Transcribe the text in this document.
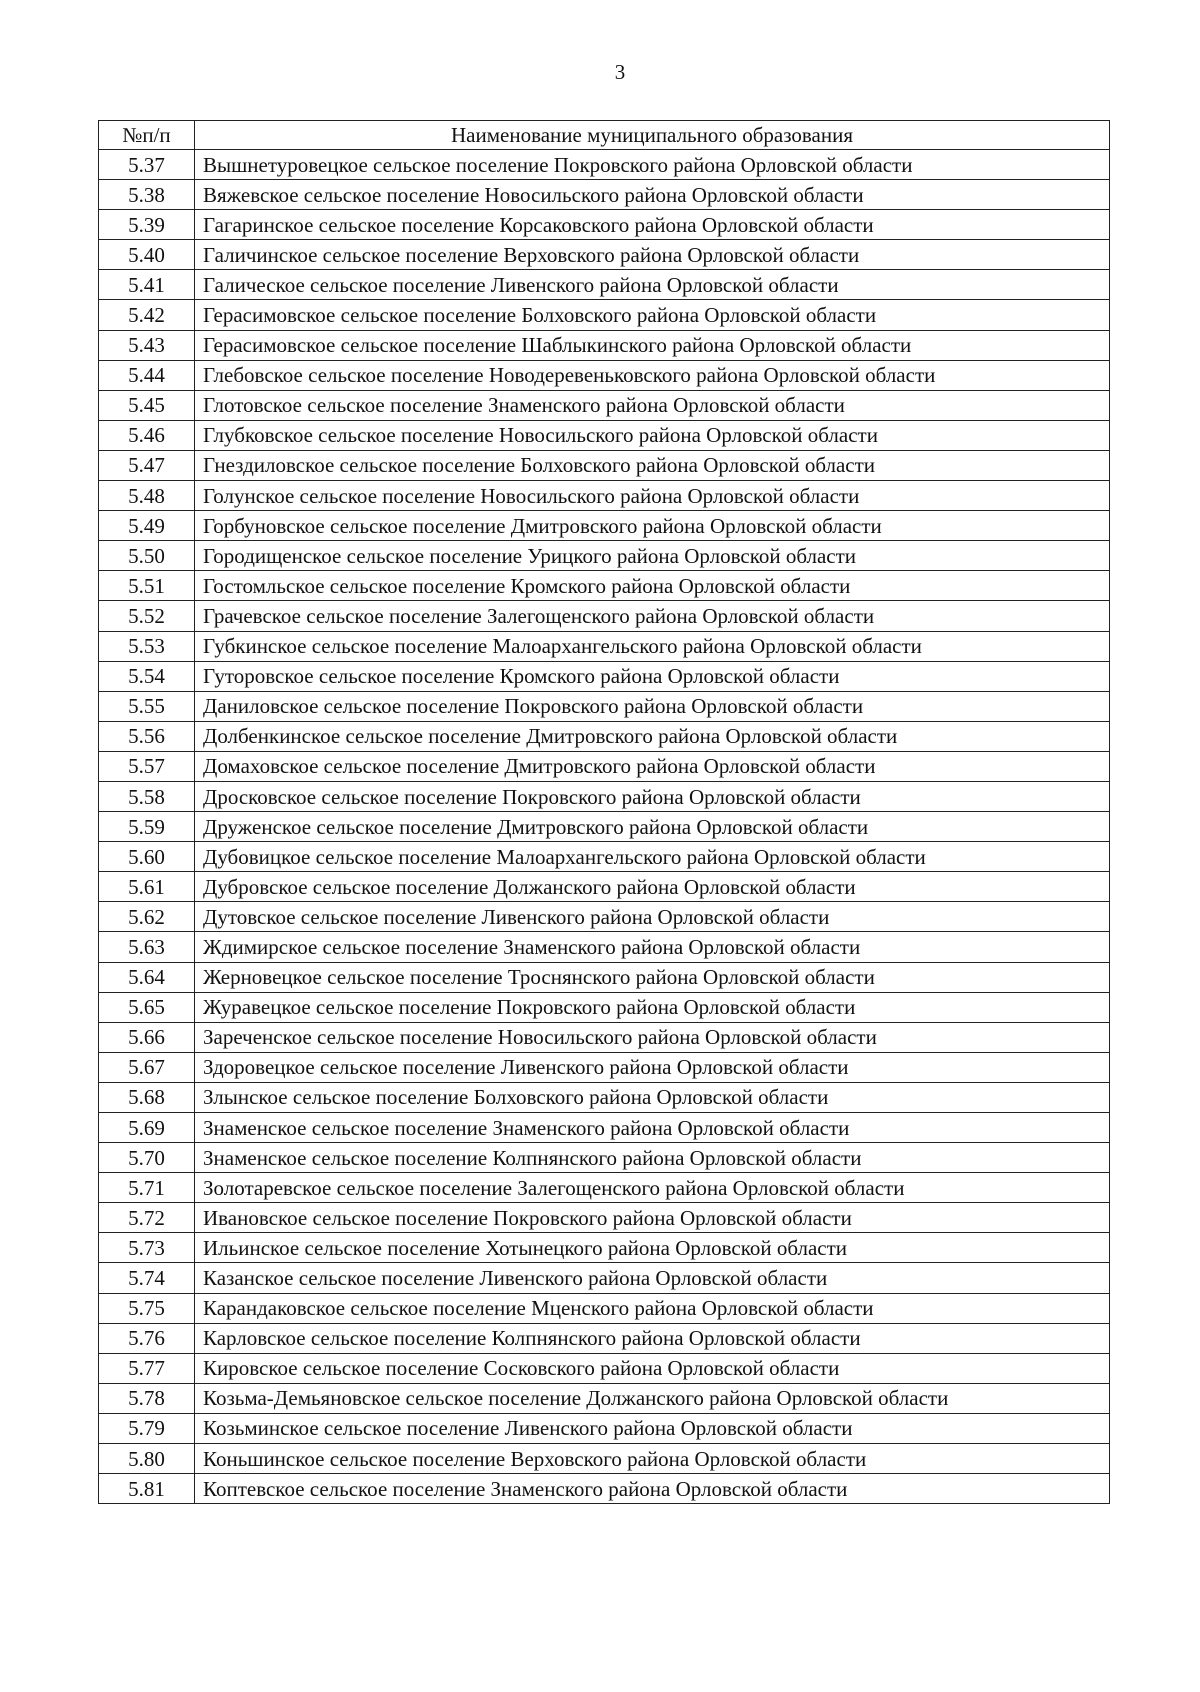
3
№п/п	Наименование муниципального образования
5.37	Вышнетуровецкое сельское поселение Покровского района Орловской области
5.38	Вяжевское сельское поселение Новосильского района Орловской области
5.39	Гагаринское сельское поселение Корсаковского района Орловской области
5.40	Галичинское сельское поселение Верховского района Орловской области
5.41	Галическое сельское поселение Ливенского района Орловской области
5.42	Герасимовское сельское поселение Болховского района Орловской области
5.43	Герасимовское сельское поселение Шаблыкинского района Орловской области
5.44	Глебовское сельское поселение Новодеревеньковского района Орловской области
5.45	Глотовское сельское поселение Знаменского района Орловской области
5.46	Глубковское сельское поселение Новосильского района Орловской области
5.47	Гнездиловское сельское поселение Болховского района Орловской области
5.48	Голунское сельское поселение Новосильского района Орловской области
5.49	Горбуновское сельское поселение Дмитровского района Орловской области
5.50	Городищенское сельское поселение Урицкого района Орловской области
5.51	Гостомльское сельское поселение Кромского района Орловской области
5.52	Грачевское сельское поселение Залегощенского района Орловской области
5.53	Губкинское сельское поселение Малоархангельского района Орловской области
5.54	Гуторовское сельское поселение Кромского района Орловской области
5.55	Даниловское сельское поселение Покровского района Орловской области
5.56	Долбенкинское сельское поселение Дмитровского района Орловской области
5.57	Домаховское сельское поселение Дмитровского района Орловской области
5.58	Дросковское сельское поселение Покровского района Орловской области
5.59	Друженское сельское поселение Дмитровского района Орловской области
5.60	Дубовицкое сельское поселение Малоархангельского района Орловской области
5.61	Дубровское сельское поселение Должанского района Орловской области
5.62	Дутовское сельское поселение Ливенского района Орловской области
5.63	Ждимирское сельское поселение Знаменского района Орловской области
5.64	Жерновецкое сельское поселение Троснянского района Орловской области
5.65	Журавецкое сельское поселение Покровского района Орловской области
5.66	Зареченское сельское поселение Новосильского района Орловской области
5.67	Здоровецкое сельское поселение Ливенского района Орловской области
5.68	Злынское сельское поселение Болховского района Орловской области
5.69	Знаменское сельское поселение Знаменского района Орловской области
5.70	Знаменское сельское поселение Колпнянского района Орловской области
5.71	Золотаревское сельское поселение Залегощенского района Орловской области
5.72	Ивановское сельское поселение Покровского района Орловской области
5.73	Ильинское сельское поселение Хотынецкого района Орловской области
5.74	Казанское сельское поселение Ливенского района Орловской области
5.75	Карандаковское сельское поселение Мценского района Орловской области
5.76	Карловское сельское поселение Колпнянского района Орловской области
5.77	Кировское сельское поселение Сосковского района Орловской области
5.78	Козьма-Демьяновское сельское поселение Должанского района Орловской области
5.79	Козьминское сельское поселение Ливенского района Орловской области
5.80	Коньшинское сельское поселение Верховского района Орловской области
5.81	Коптевское сельское поселение Знаменского района Орловской области
